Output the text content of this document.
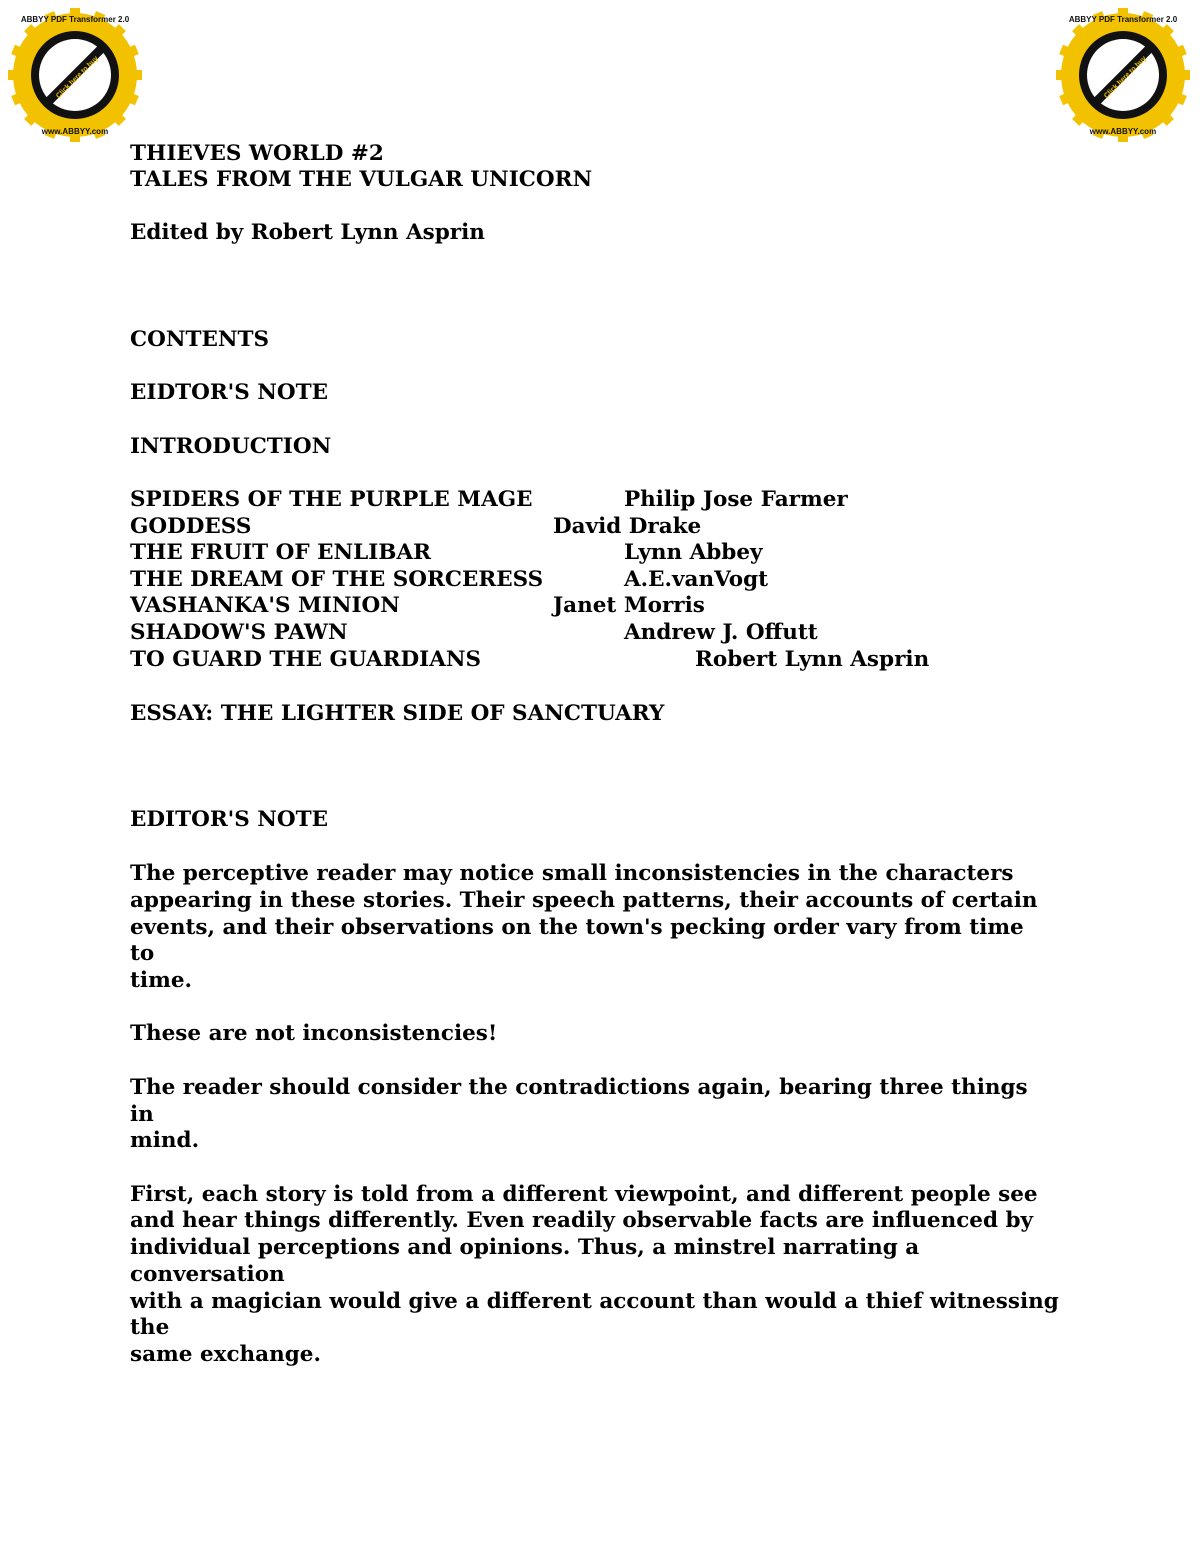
ABBYY PDF Transformer 2.0
Click here to buy
www.ABBYY.com
ABBYY PDF Transformer 2.0
Click here to buy
www.ABBYY.com
THIEVES WORLD #2
TALES FROM THE VULGAR UNICORN
Edited by Robert Lynn Asprin
CONTENTS
EIDTOR'S NOTE
INTRODUCTION
SPIDERS OF THE PURPLE MAGE	Philip Jose Farmer
GODDESS	David Drake
THE FRUIT OF ENLIBAR	Lynn Abbey
THE DREAM OF THE SORCERESS	A.E.vanVogt
VASHANKA'S MINION	Janet Morris
SHADOW'S PAWN	Andrew J. Offutt
TO GUARD THE GUARDIANS	Robert Lynn Asprin
ESSAY: THE LIGHTER SIDE OF SANCTUARY
EDITOR'S NOTE
The perceptive reader may notice small inconsistencies in the characters
appearing in these stories. Their speech patterns, their accounts of certain
events, and their observations on the town's pecking order vary from time
to
time.
These are not inconsistencies!
The reader should consider the contradictions again, bearing three things
in
mind.
First, each story is told from a different viewpoint, and different people see
and hear things differently. Even readily observable facts are influenced by
individual perceptions and opinions. Thus, a minstrel narrating a
conversation
with a magician would give a different account than would a thief witnessing
the
same exchange.
